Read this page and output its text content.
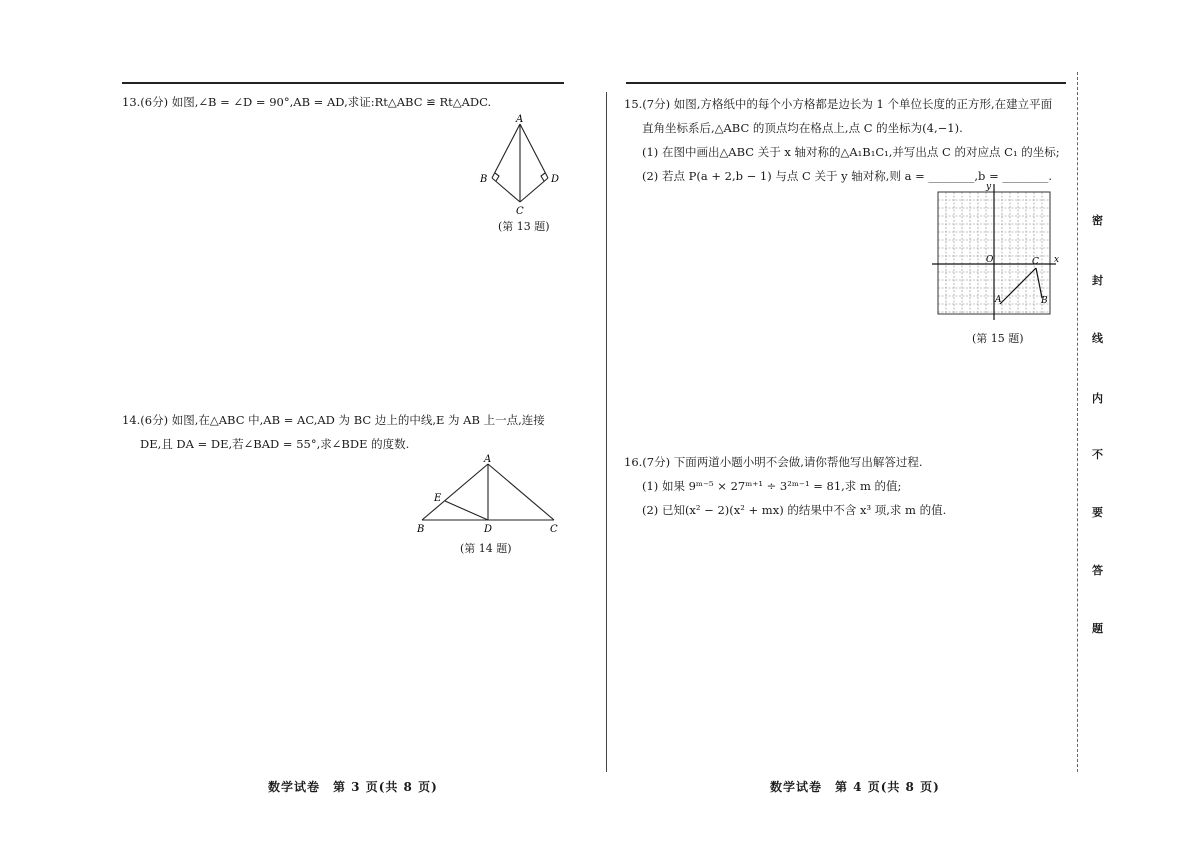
13.(6分) 如图,∠B = ∠D = 90°,AB = AD,求证:Rt△ABC ≌ Rt△ADC.
A
B
C
D
(第 13 题)
14.(6分) 如图,在△ABC 中,AB = AC,AD 为 BC 边上的中线,E 为 AB 上一点,连接
DE,且 DA = DE,若∠BAD = 55°,求∠BDE 的度数.
A
E
B	D	C
(第 14 题)
数学试卷　第 3 页(共 8 页)
15.(7分) 如图,方格纸中的每个小方格都是边长为 1 个单位长度的正方形,在建立平面
直角坐标系后,△ABC 的顶点均在格点上,点 C 的坐标为(4,−1).
(1) 在图中画出△ABC 关于 x 轴对称的△A₁B₁C₁,并写出点 C 的对应点 C₁ 的坐标;
(2) 若点 P(a + 2,b − 1) 与点 C 关于 y 轴对称,则 a = ________,b = ________.
y
x
O
A	B
C
(第 15 题)
16.(7分) 下面两道小题小明不会做,请你帮他写出解答过程.
(1) 如果 9ᵐ⁻⁵ × 27ᵐ⁺¹ ÷ 3²ᵐ⁻¹ = 81,求 m 的值;
(2) 已知(x² − 2)(x² + mx) 的结果中不含 x³ 项,求 m 的值.
数学试卷　第 4 页(共 8 页)
密
封
线
内
不
要
答
题
